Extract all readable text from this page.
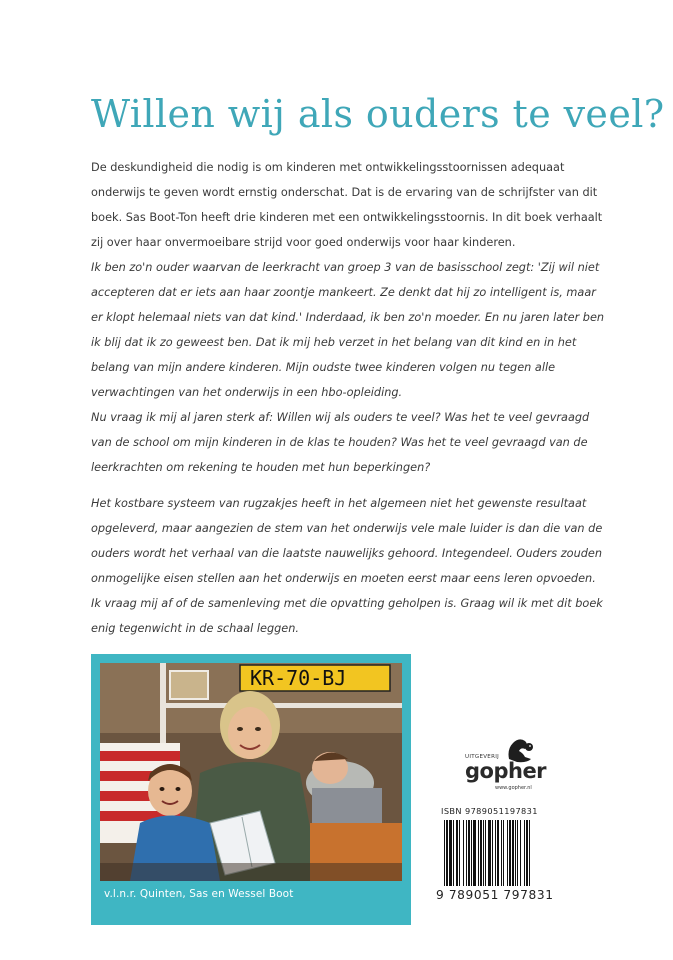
Willen wij als ouders te veel?

De deskundigheid die nodig is om kinderen met ontwikkelingsstoornissen adequaat onderwijs te geven wordt ernstig onderschat. Dat is de ervaring van de schrijfster van dit boek. Sas Boot-Ton heeft drie kinderen met een ontwikkelingsstoornis. In dit boek verhaalt zij over haar onvermoeibare strijd voor goed onderwijs voor haar kinderen.

Ik ben zo'n ouder waarvan de leerkracht van groep 3 van de basisschool zegt: 'Zij wil niet accepteren dat er iets aan haar zoontje mankeert. Ze denkt dat hij zo intelligent is, maar er klopt helemaal niets van dat kind.' Inderdaad, ik ben zo'n moeder. En nu jaren later ben ik blij dat ik zo geweest ben. Dat ik mij heb verzet in het belang van dit kind en in het belang van mijn andere kinderen. Mijn oudste twee kinderen volgen nu tegen alle verwachtingen van het onderwijs in een hbo-opleiding.
Nu vraag ik mij al jaren sterk af: Willen wij als ouders te veel? Was het te veel gevraagd van de school om mijn kinderen in de klas te houden? Was het te veel gevraagd van de leerkrachten om rekening te houden met hun beperkingen?
Het kostbare systeem van rugzakjes heeft in het algemeen niet het gewenste resultaat opgeleverd, maar aangezien de stem van het onderwijs vele male luider is dan die van de ouders wordt het verhaal van die laatste nauwelijks gehoord. Integendeel. Ouders zouden onmogelijke eisen stellen aan het onderwijs en moeten eerst maar eens leren opvoeden.
Ik vraag mij af of de samenleving met die opvatting geholpen is. Graag wil ik met dit boek enig tegenwicht in de schaal leggen.
KR-70-BJ
v.l.n.r. Quinten, Sas en Wessel Boot
UITGEVERIJ
gopher
www.gopher.nl
ISBN 9789051197831
9 789051 797831
